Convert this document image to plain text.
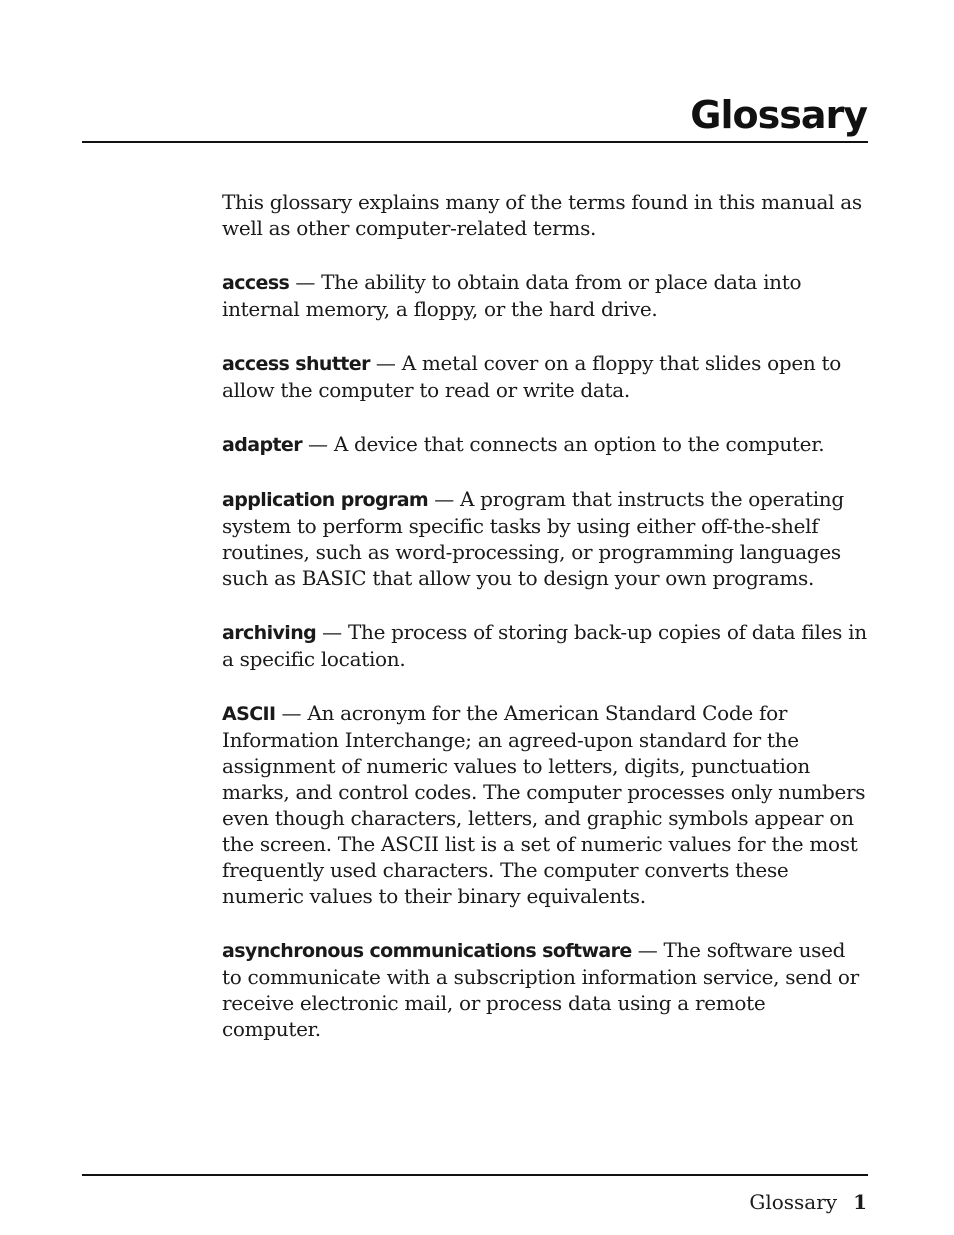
Glossary

This glossary explains many of the terms found in this manual as well as other computer-related terms.

access — The ability to obtain data from or place data into internal memory, a floppy, or the hard drive.

access shutter — A metal cover on a floppy that slides open to allow the computer to read or write data.

adapter — A device that connects an option to the computer.

application program — A program that instructs the operating system to perform specific tasks by using either off-the-shelf routines, such as word-processing, or programming languages such as BASIC that allow you to design your own programs.

archiving — The process of storing back-up copies of data files in a specific location.

ASCII — An acronym for the American Standard Code for Information Interchange; an agreed-upon standard for the assignment of numeric values to letters, digits, punctuation marks, and control codes. The computer processes only numbers even though characters, letters, and graphic symbols appear on the screen. The ASCII list is a set of numeric values for the most frequently used characters. The computer converts these numeric values to their binary equivalents.

asynchronous communications software — The software used to communicate with a subscription information service, send or receive electronic mail, or process data using a remote computer.

Glossary 1
